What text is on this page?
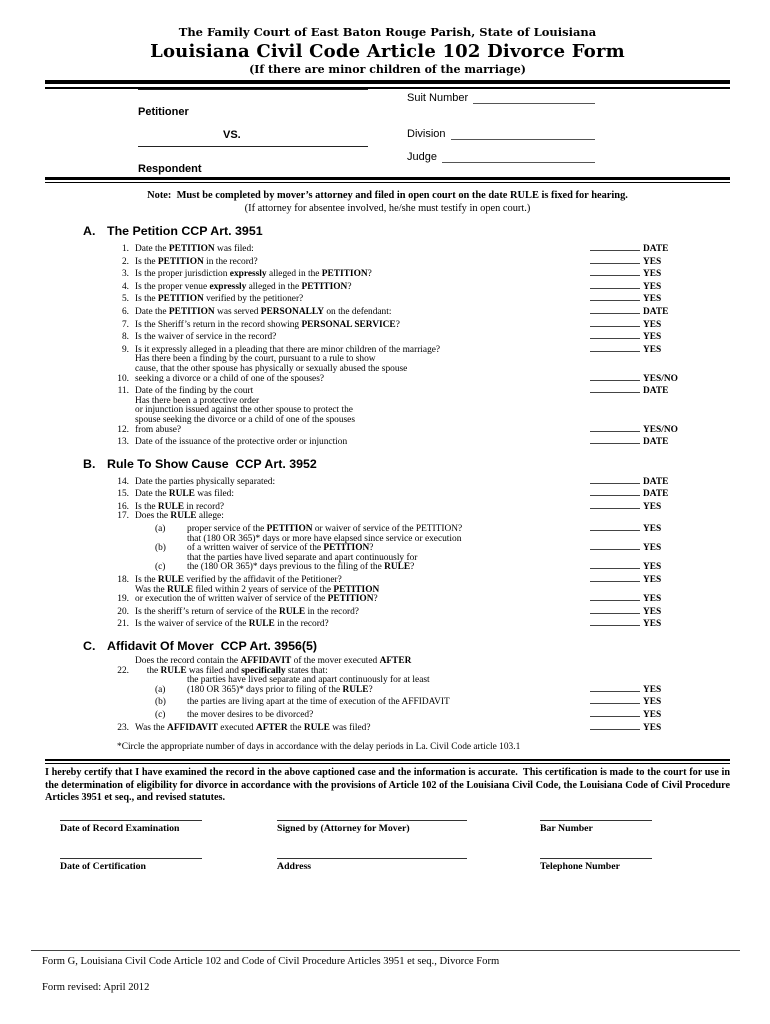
The Family Court of East Baton Rouge Parish, State of Louisiana
Louisiana Civil Code Article 102 Divorce Form
(If there are minor children of the marriage)
Petitioner
VS.
Respondent
Suit Number
Division
Judge
Note:  Must be completed by mover’s attorney and filed in open court on the date RULE is fixed for hearing.
(If attorney for absentee involved, he/she must testify in open court.)
A. The Petition CCP Art. 3951
1. Date the PETITION was filed:	DATE
2. Is the PETITION in the record?	YES
3. Is the proper jurisdiction expressly alleged in the PETITION?	YES
4. Is the proper venue expressly alleged in the PETITION?	YES
5. Is the PETITION verified by the petitioner?	YES
6. Date the PETITION was served PERSONALLY on the defendant:	DATE
7. Is the Sheriff’s return in the record showing PERSONAL SERVICE?	YES
8. Is the waiver of service in the record?	YES
9. Is it expressly alleged in a pleading that there are minor children of the marriage?	YES
10.
Has there been a finding by the court, pursuant to a rule to show
cause, that the other spouse has physically or sexually abused the spouse
seeking a divorce or a child of one of the spouses?	YES/NO
11. Date of the finding by the court	DATE
12.
Has there been a protective order
or injunction issued against the other spouse to protect the
spouse seeking the divorce or a child of one of the spouses
from abuse?	YES/NO
13. Date of the issuance of the protective order or injunction	DATE
B. Rule To Show Cause  CCP Art. 3952
14. Date the parties physically separated:	DATE
15. Date the RULE was filed:	DATE
16. Is the RULE in record?	YES
17. Does the RULE allege:
(a)	proper service of the PETITION or waiver of service of the PETITION?	YES
(b)
that (180 OR 365)* days or more have elapsed since service or execution
of a written waiver of service of the PETITION?	YES
(c)
that the parties have lived separate and apart continuously for
the (180 OR 365)* days previous to the filing of the RULE?	YES
18. Is the RULE verified by the affidavit of the Petitioner?	YES
19.
Was the RULE filed within 2 years of service of the PETITION
or execution the of written waiver of service of the PETITION?	YES
20. Is the sheriff’s return of service of the RULE in the record?	YES
21. Is the waiver of service of the RULE in the record?	YES
C. Affidavit Of Mover  CCP Art. 3956(5)
22.
Does the record contain the AFFIDAVIT of the mover executed AFTER
the RULE was filed and specifically states that:
(a)
the parties have lived separate and apart continuously for at least
(180 OR 365)* days prior to filing of the RULE?	YES
(b)	the parties are living apart at the time of execution of the AFFIDAVIT	YES
(c)	the mover desires to be divorced?	YES
23. Was the AFFIDAVIT executed AFTER the RULE was filed?	YES
*Circle the appropriate number of days in accordance with the delay periods in La. Civil Code article 103.1
I hereby certify that I have examined the record in the above captioned case and the information is accurate.  This certification is made to the court for use in the determination of eligibility for divorce in accordance with the provisions of Article 102 of the Louisiana Civil Code, the Louisiana Code of Civil Procedure Articles 3951 et seq., and revised statutes.
Date of Record Examination	Signed by (Attorney for Mover)	Bar Number
Date of Certification	Address	Telephone Number
Form G, Louisiana Civil Code Article 102 and Code of Civil Procedure Articles 3951 et seq., Divorce Form
Form revised: April 2012
